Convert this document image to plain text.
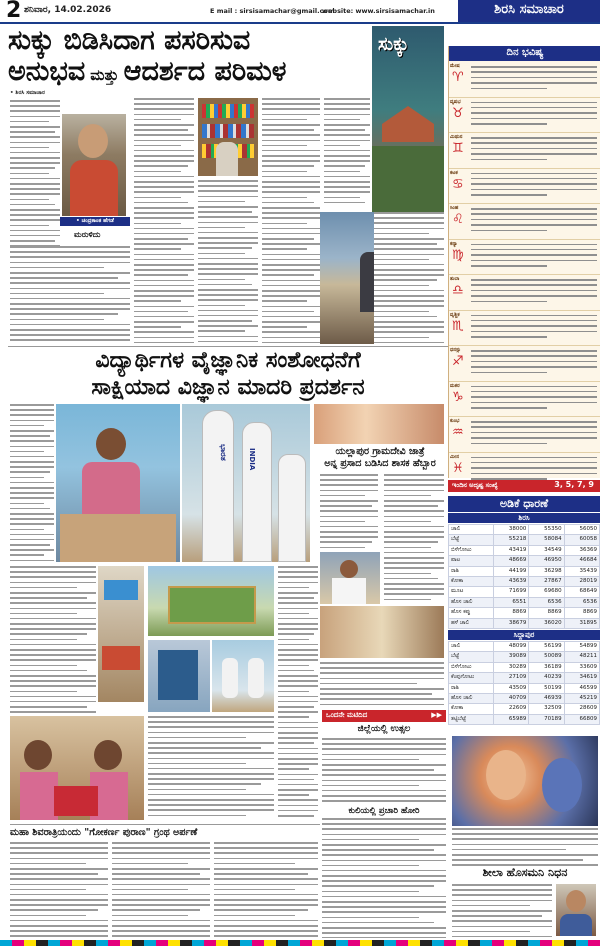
2 ಶನಿವಾರ, 14.02.2026	E mail : sirsisamachar@gmail.com
website: www.sirsisamachar.in	ಶಿರಸಿ ಸಮಾಚಾರ
ಸುಕ್ಕು ಬಿಡಿಸಿದಾಗ ಪಸರಿಸುವ
ಅನುಭವ ಮತ್ತು ಆದರ್ಶದ ಪರಿಮಳ
• ಚಂದ್ರಕಾಂತ ಹೆಗಡೆ
ಮರುಳಿದು
• ಶಿರಸಿ ಸಮಾಚಾರ
ಸುಕ್ಕು
ವಿದ್ಯಾರ್ಥಿಗಳ ವೈಜ್ಞಾನಿಕ ಸಂಶೋಧನೆಗೆ
ಸಾಕ್ಷಿಯಾದ ವಿಜ್ಞಾನ ಮಾದರಿ ಪ್ರದರ್ಶನ
ಭಾರತ	INDIA	ಯಲ್ಲಾಪುರ ಗ್ರಾಮದೇವಿ ಜಾತ್ರೆ
ಅನ್ನ ಪ್ರಸಾದ ಬಡಿಸಿದ ಶಾಸಕ ಹೆಬ್ಬಾರ
ಒಂದನೇ ಮಟಿದಿದ	▶▶
ಜಿಲ್ಲೆಯಲ್ಲಿ ಉತ್ಸಲ
ಕುಲಿಯಲ್ಲಿ ಪ್ರಚಾರಿ ಹೋರಿ
ಮಹಾ ಶಿವರಾತ್ರಿಯಂದು "ಗೋಕರ್ಣ ಪುರಾಣ" ಗ್ರಂಥ ಅರ್ಪಣೆ
ದಿನ ಭವಿಷ್ಯ
ಮೇಷ
♈
ವೃಷಭ
♉
ಮಿಥುನ
♊
ಕಟಕ
♋
ಸಿಂಹ
♌
ಕನ್ಯಾ
♍
ತುಲಾ
♎
ವೃಶ್ಚಿಕ
♏
ಧನಸ್ಸು
♐
ಮಕರ
♑
ಕುಂಭ
♒
ಮೀನ
♓
ಇಂದಿನ ಅದೃಷ್ಟ ಸಂಖ್ಯೆ	3, 5, 7, 9
ಅಡಿಕೆ ಧಾರಣೆ
ಶಿರಸಿ
ಚಾಲಿ	38000	55350	56050
ಬೆಟ್ಟೆ	55218	58084	60058
ಬಿಳೆಗೋಟು	43419	34549	36369
ಪಾಟ	48669	46950	46684
ರಾಶಿ	44199	36298	35439
ಕೋಕಾ	43639	27867	28019
ಮೂಟ	71699	69680	68649
ಹೊಸ ಚಾಲಿ	6551	6536	6536
ಹೊಸ ಕಪ್ಪು	8869	8869	8869
ಹಳೆ ಚಾಲಿ	38679	36020	31895
ಸಿದ್ದಾಪುರ
ಚಾಲಿ	48099	56199	54899
ಬೆಟ್ಟೆ	39089	50089	48211
ಬಿಳೆಗೋಟು	30289	36189	33609
ಕೆಂಪುಗೋಟು	27109	40239	34619
ರಾಶಿ	43509	50199	46599
ಹೊಸ ಚಾಲಿ	40709	46939	45219
ಕೋಕಾ	22609	32509	28609
ತಟ್ಟಿಬೆಟ್ಟೆ	65989	70189	66809
ಶೀಲಾ ಹೊಸಮನಿ ನಿಧನ
